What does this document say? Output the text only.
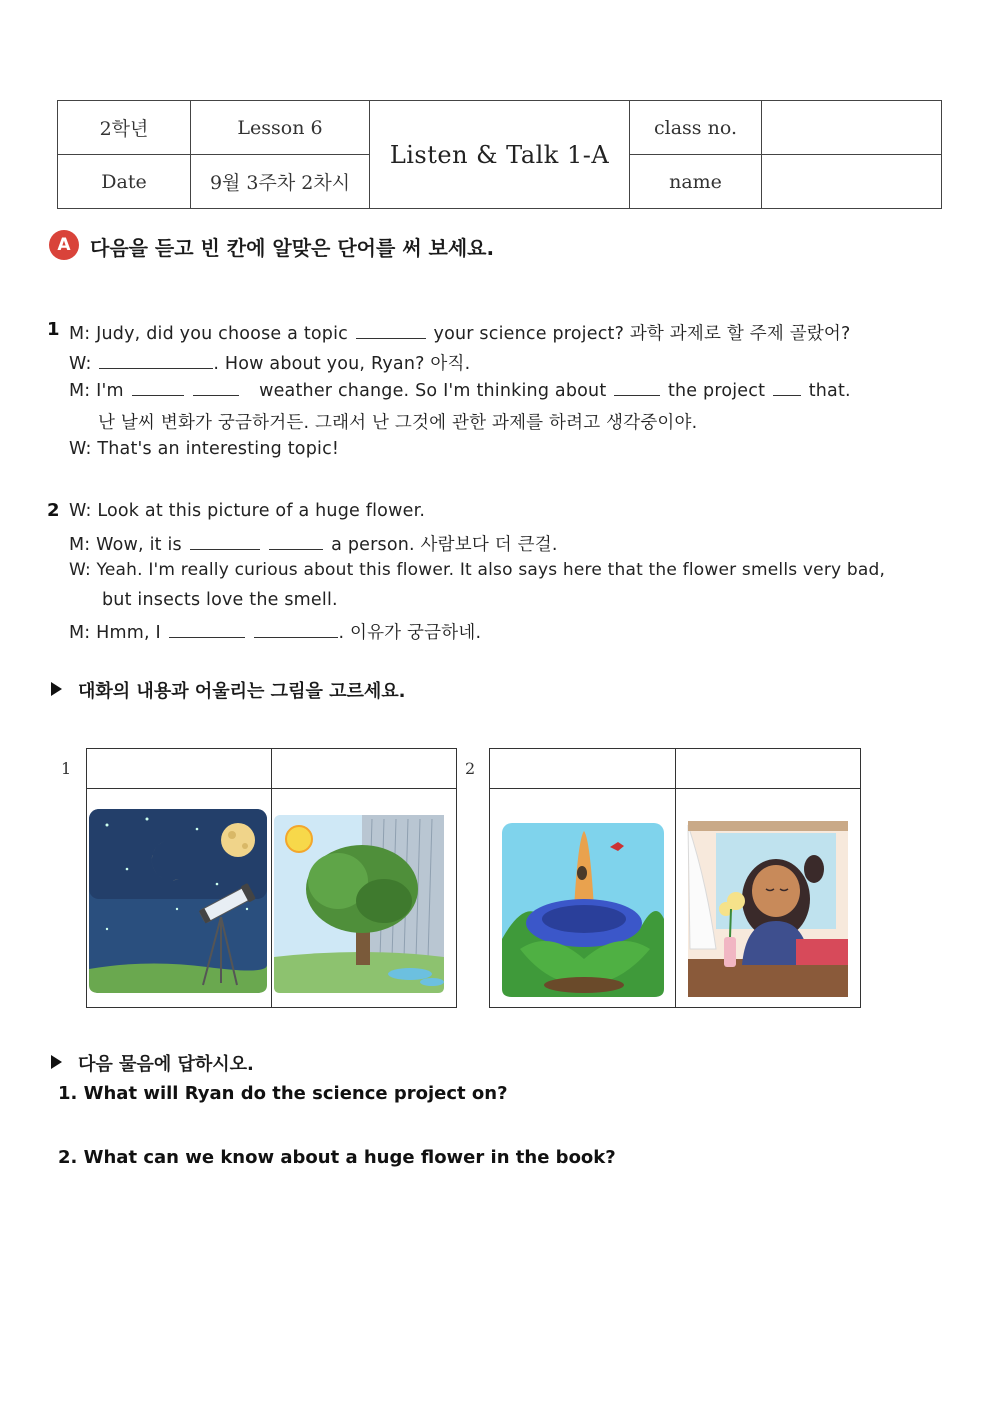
2학년	Lesson 6	Listen & Talk 1-A	class no.	
Date	9월 3주차 2차시		name	
A 다음을 듣고 빈 칸에 알맞은 단어를 써 보세요.
1 M: Judy, did you choose a topic	your science project? 과학 과제로 할 주제 골랐어?
W:	. How about you, Ryan? 아직.
M: I'm	weather change. So I'm thinking about	the project that.
난 날씨 변화가 궁금하거든. 그래서 난 그것에 관한 과제를 하려고 생각중이야.
W: That's an interesting topic!
2 W: Look at this picture of a huge flower.
M: Wow, it is	a person. 사람보다 더 큰걸.
W: Yeah. I'm really curious about this flower. It also says here that the flower smells very bad,
but insects love the smell.
M: Hmm, I	. 이유가 궁금하네.
대화의 내용과 어울리는 그림을 고르세요.
1

		2

다음 물음에 답하시오.
1. What will Ryan do the science project on?
2. What can we know about a huge flower in the book?
